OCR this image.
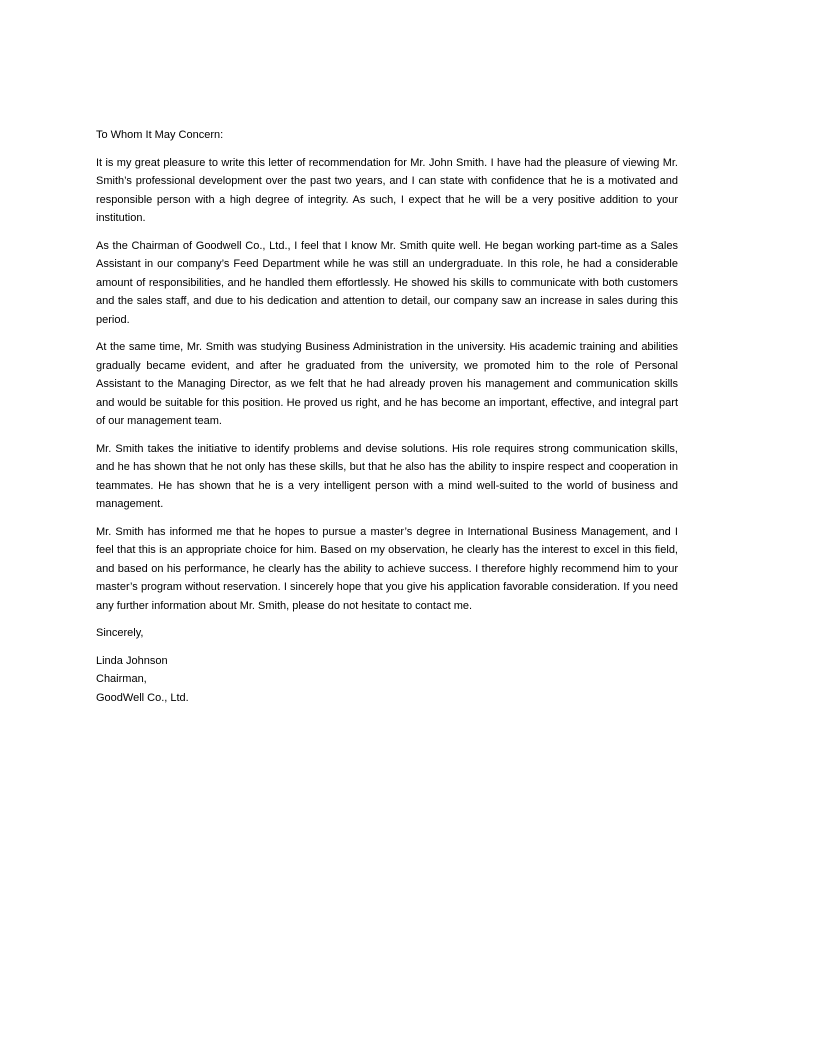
To Whom It May Concern:

It is my great pleasure to write this letter of recommendation for Mr. John Smith. I have had the pleasure of viewing Mr. Smith’s professional development over the past two years, and I can state with confidence that he is a motivated and responsible person with a high degree of integrity. As such, I expect that he will be a very positive addition to your institution.

As the Chairman of Goodwell Co., Ltd., I feel that I know Mr. Smith quite well. He began working part-time as a Sales Assistant in our company’s Feed Department while he was still an undergraduate. In this role, he had a considerable amount of responsibilities, and he handled them effortlessly. He showed his skills to communicate with both customers and the sales staff, and due to his dedication and attention to detail, our company saw an increase in sales during this period.

At the same time, Mr. Smith was studying Business Administration in the university. His academic training and abilities gradually became evident, and after he graduated from the university, we promoted him to the role of Personal Assistant to the Managing Director, as we felt that he had already proven his management and communication skills and would be suitable for this position. He proved us right, and he has become an important, effective, and integral part of our management team.

Mr. Smith takes the initiative to identify problems and devise solutions. His role requires strong communication skills, and he has shown that he not only has these skills, but that he also has the ability to inspire respect and cooperation in teammates. He has shown that he is a very intelligent person with a mind well-suited to the world of business and management.

Mr. Smith has informed me that he hopes to pursue a master’s degree in International Business Management, and I feel that this is an appropriate choice for him. Based on my observation, he clearly has the interest to excel in this field, and based on his performance, he clearly has the ability to achieve success. I therefore highly recommend him to your master’s program without reservation. I sincerely hope that you give his application favorable consideration. If you need any further information about Mr. Smith, please do not hesitate to contact me.

Sincerely,

Linda Johnson

Chairman,

GoodWell Co., Ltd.
